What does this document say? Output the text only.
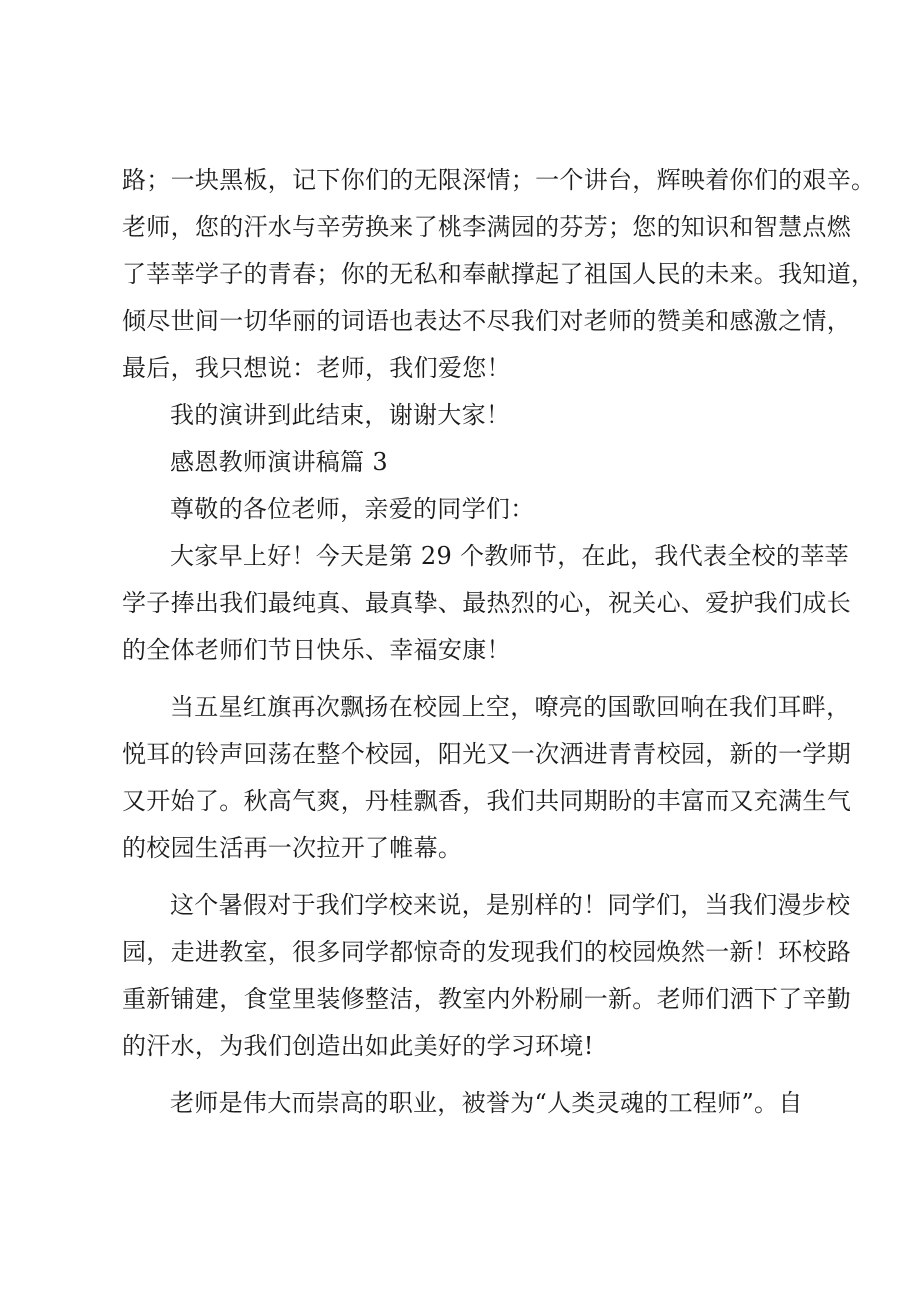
路；一块黑板，记下你们的无限深情；一个讲台，辉映着你们的艰辛。
老师，您的汗水与辛劳换来了桃李满园的芬芳；您的知识和智慧点燃
了莘莘学子的青春；你的无私和奉献撑起了祖国人民的未来。我知道，
倾尽世间一切华丽的词语也表达不尽我们对老师的赞美和感激之情，
最后，我只想说：老师，我们爱您！
我的演讲到此结束，谢谢大家！
感恩教师演讲稿篇 3
尊敬的各位老师，亲爱的同学们：
大家早上好！今天是第 29 个教师节，在此，我代表全校的莘莘
学子捧出我们最纯真、最真挚、最热烈的心，祝关心、爱护我们成长
的全体老师们节日快乐、幸福安康！
当五星红旗再次飘扬在校园上空，嘹亮的国歌回响在我们耳畔，
悦耳的铃声回荡在整个校园，阳光又一次洒进青青校园，新的一学期
又开始了。秋高气爽，丹桂飘香，我们共同期盼的丰富而又充满生气
的校园生活再一次拉开了帷幕。
这个暑假对于我们学校来说，是别样的！同学们，当我们漫步校
园，走进教室，很多同学都惊奇的发现我们的校园焕然一新！环校路
重新铺建，食堂里装修整洁，教室内外粉刷一新。老师们洒下了辛勤
的汗水，为我们创造出如此美好的学习环境!
老师是伟大而崇高的职业，被誉为“人类灵魂的工程师”。自
